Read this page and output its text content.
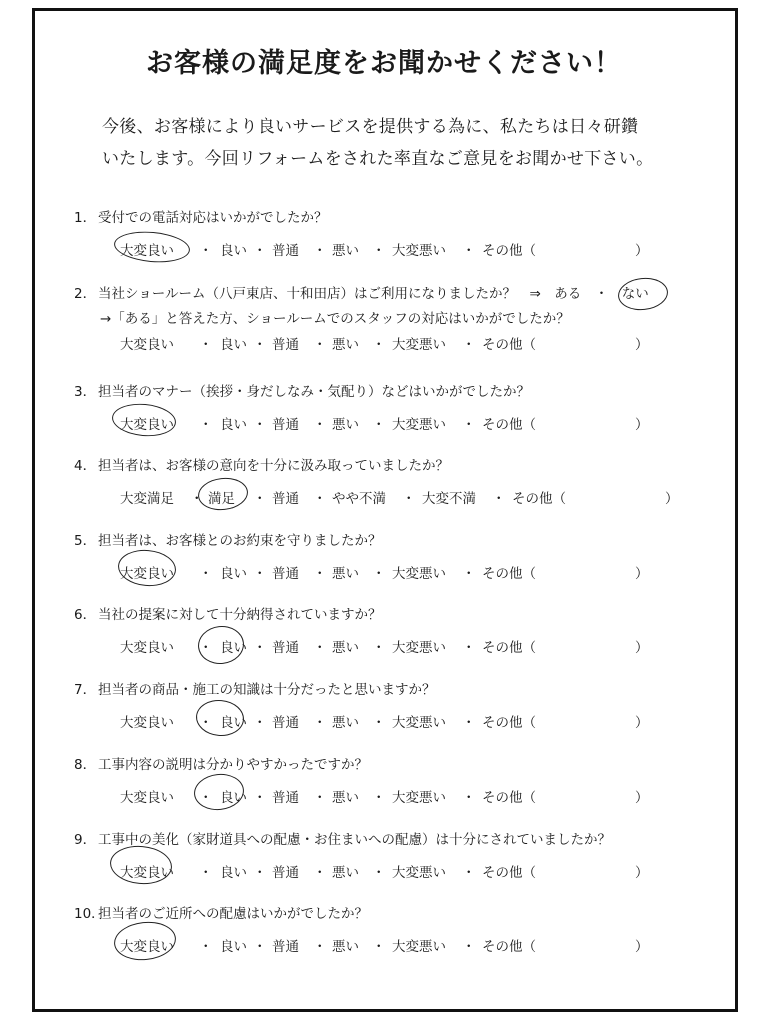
お客様の満足度をお聞かせください！
今後、お客様により良いサービスを提供する為に、私たちは日々研鑽
いたします。今回リフォームをされた率直なご意見をお聞かせ下さい。
1． 受付での電話対応はいかがでしたか？
大変良い	良い 普通 悪い 大変悪い	その他（
・	・	・	・	・	）
2． 当社ショールーム（八戸東店、十和田店）はご利用になりましたか？　⇒　ある　・　ない
→「ある」と答えた方、ショールームでのスタッフの対応はいかがでしたか？
大変良い	良い 普通 悪い 大変悪い	その他（
・	・	・	・	・	）
3． 担当者のマナー（挨拶・身だしなみ・気配り）などはいかがでしたか？
大変良い	良い 普通 悪い 大変悪い	その他（
・	・	・	・	・	）
4． 担当者は、お客様の意向を十分に汲み取っていましたか？
大変満足	満足	普通 やや不満	大変不満	その他（
・	・	・	・	・	）
5． 担当者は、お客様とのお約束を守りましたか？
大変良い	良い 普通 悪い 大変悪い	その他（
・	・	・	・	・	）
6． 当社の提案に対して十分納得されていますか？
大変良い	良い 普通 悪い 大変悪い	その他（
・	・	・	・	・	）
7． 担当者の商品・施工の知識は十分だったと思いますか？
大変良い	良い 普通 悪い 大変悪い	その他（
・	・	・	・	・	）
8． 工事内容の説明は分かりやすかったですか？
大変良い	良い 普通 悪い 大変悪い	その他（
・	・	・	・	・	）
9． 工事中の美化（家財道具への配慮・お住まいへの配慮）は十分にされていましたか？
大変良い	良い 普通 悪い 大変悪い	その他（
・	・	・	・	・	）
10．担当者のご近所への配慮はいかがでしたか？
大変良い	良い 普通 悪い 大変悪い	その他（
・	・	・	・	・	）
